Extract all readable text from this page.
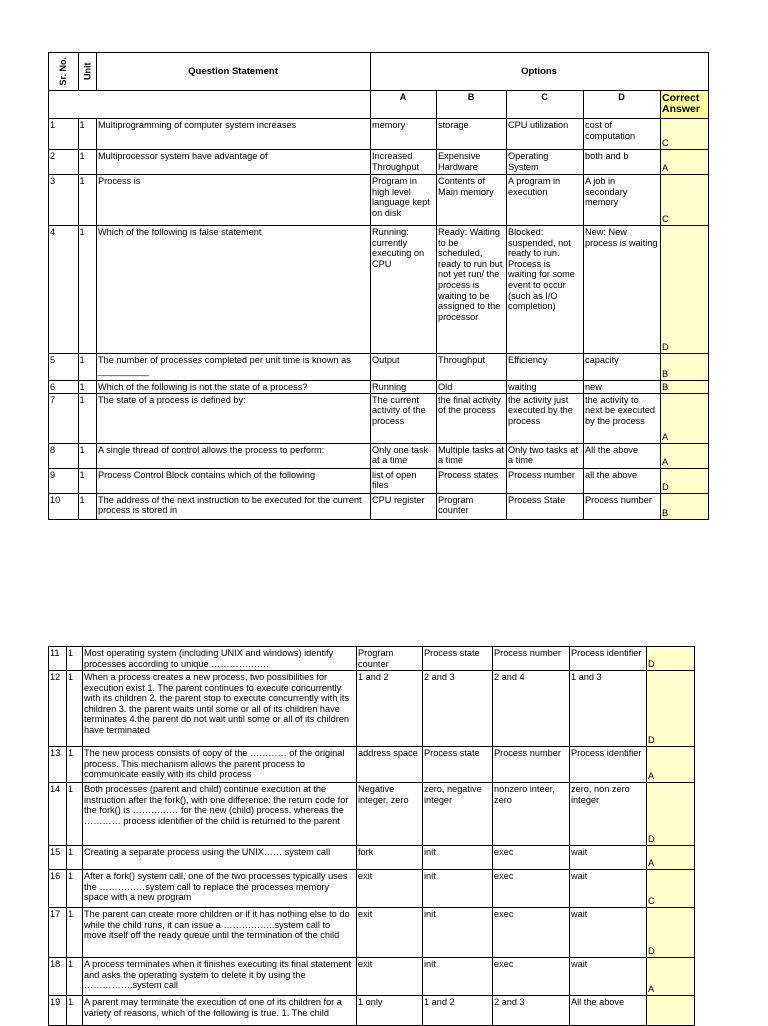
Sr. No.	Unit	Question Statement	Options				
			A	B	C	D	Correct Answer
1	1	Multiprogramming of computer system increases	memory	storage	CPU utilization	cost of computation	C
2	1	Multiprocessor system have advantage of	Increased Throughput	Expensive Hardware	Operating System	both and b	A
3	1	Process is	Program in high level language kept on disk	Contents of Main memory	A program in execution	A job in secondary memory	C
4	1	Which of the following is false statement	Running: currently executing on CPU	Ready: Waiting to be scheduled, ready to run but not yet run/ the process is waiting to be assigned to the processor	Blocked: suspended, not ready to run. Process is waiting for some event to occur (such as I/O completion)	New: New process is waiting	D
5	1	The number of processes completed per unit time is known as __________	Output	Throughput	Efficiency	capacity	B
6	1	Which of the following is not the state of a process?	Running	Old	waiting	new	B
7	1	The state of a process is defined by:	The current activity of the process	the final activity of the process	the activity just executed by the process	the activity to next be executed by the process	A
8	1	A single thread of control allows the process to perform:	Only one task at a time	Multiple tasks at a time	Only two tasks at a time	All the above	A
9	1	Process Control Block contains which of the following	list of open files	Process states	Process number	all the above	D
10	1	The address of the next instruction to be executed for the current process is stored in	CPU register	Program counter	Process State	Process number	B
11	1	Most operating system (including UNIX and windows) identify processes according to unique ……………….	Program counter	Process state	Process number	Process identifier	D
12	1	When a process creates a new process, two possibilities for execution exist 1. The parent continues to execute concurrently with its children 2. the parent stop to execute concurrently with its children 3. the parent waits until some or all of its children have terminates 4.the parent do not wait until some or all of its children have terminated	1 and 2	2 and 3	2 and 4	1 and 3	D
13	1	The new process consists of copy of the ………… of the original process. This mechanism allows the parent process to communicate easily with its child process	address space	Process state	Process number	Process identifier	A
14	1	Both processes (parent and child) continue execution at the instruction after the fork(), with one difference: the return code for the fork() is …………… for the new (child) process, whereas the ………… process identifier of the child is returned to the parent	Negative integer, zero	zero, negative integer	nonzero inteer, zero	zero, non zero integer	D
15	1	Creating a separate process using the UNIX…… system call	fork	init	exec	wait	A
16	1	After a fork() system call, one of the two processes typically uses the ……………system call to replace the processes memory space with a new program	exit	init	exec	wait	C
17	1	The parent can create more children or if it has nothing else to do while the child runs, it can issue a ……………..system call to move itself off the ready queue until the termination of the child	exit	init	exec	wait	D
18	1	A process terminates when it finishes executing its final statement and asks the operating system to delete it by using the …………….system call	exit	init	exec	wait	A
19	1	A parent may terminate the execution of one of its children for a variety of reasons, which of the following is true. 1. The child	1 only	1 and 2	2 and 3	All the above	
